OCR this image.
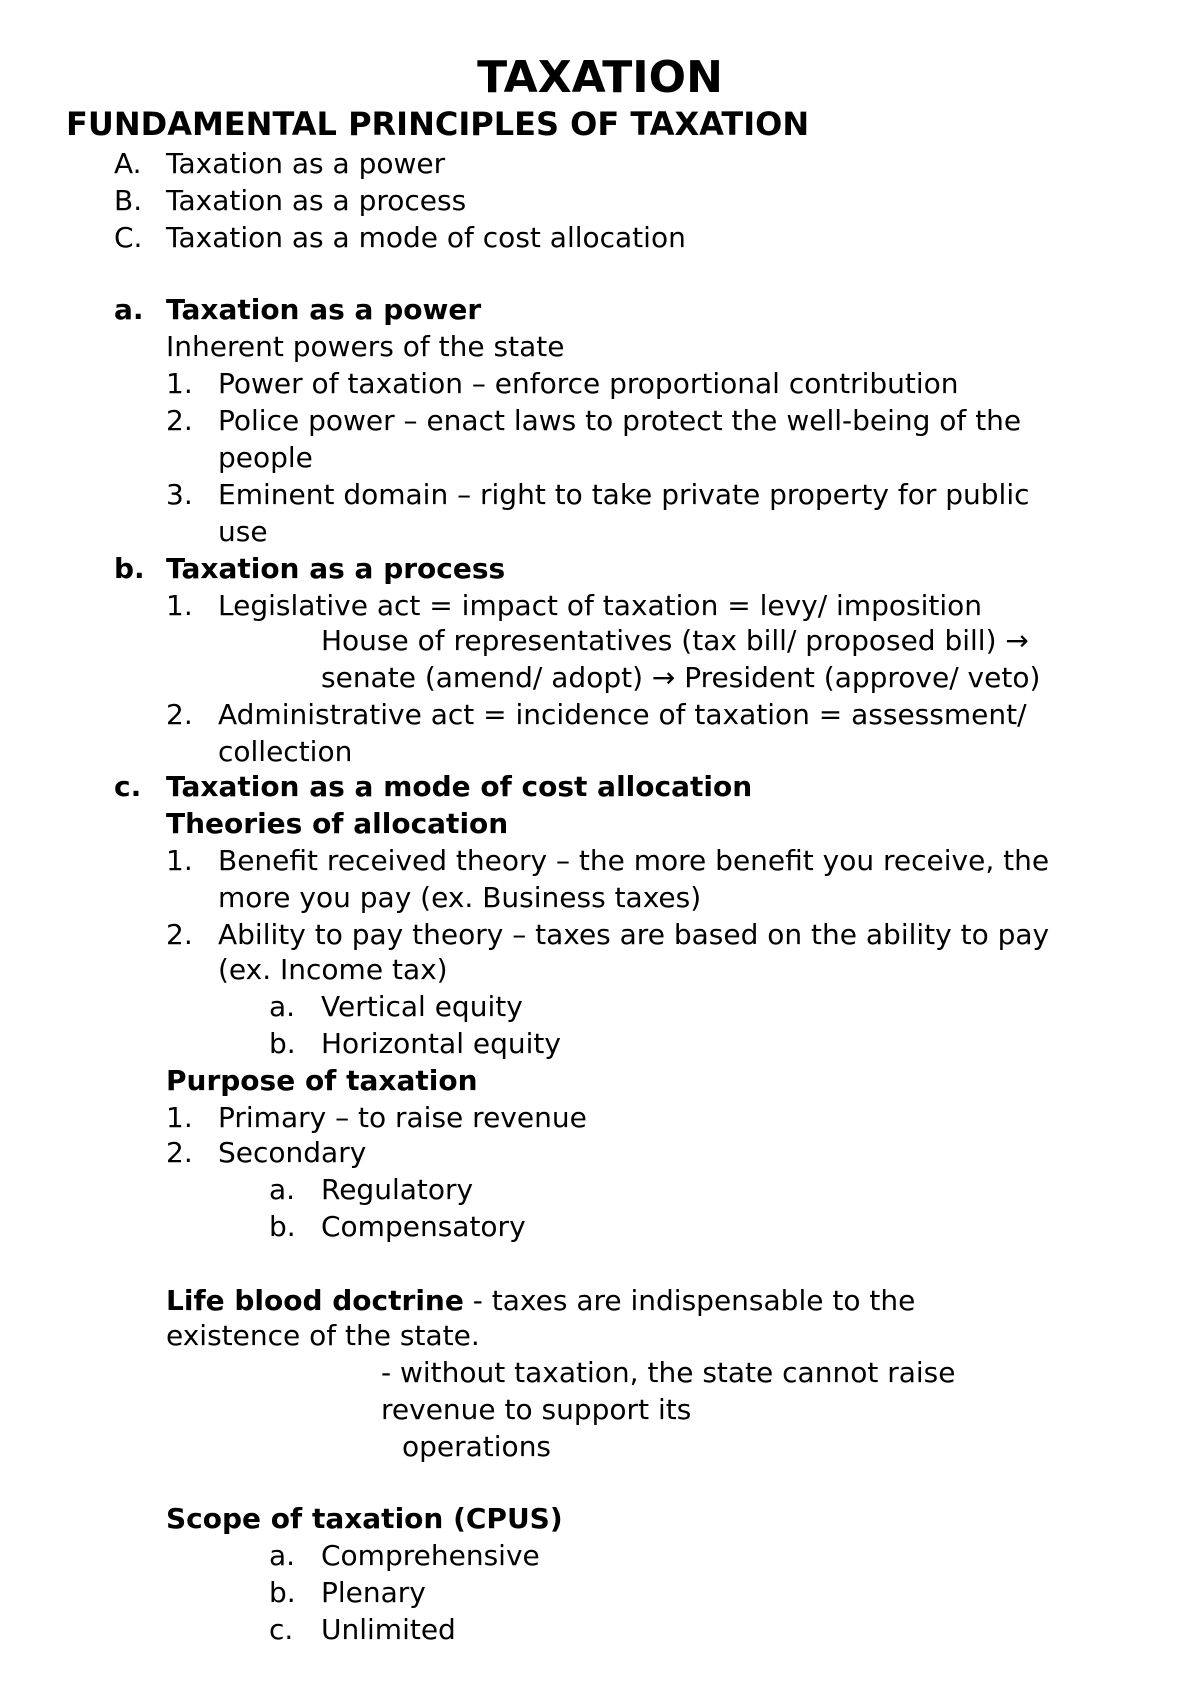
TAXATION
FUNDAMENTAL PRINCIPLES OF TAXATION
A. Taxation as a power
B. Taxation as a process
C. Taxation as a mode of cost allocation
a. Taxation as a power
Inherent powers of the state
1. Power of taxation – enforce proportional contribution
2. Police power – enact laws to protect the well-being of the
people
3. Eminent domain – right to take private property for public
use
b. Taxation as a process
1. Legislative act = impact of taxation = levy/ imposition
House of representatives (tax bill/ proposed bill) →
senate (amend/ adopt) → President (approve/ veto)
2. Administrative act = incidence of taxation = assessment/
collection
c. Taxation as a mode of cost allocation
Theories of allocation
1. Benefit received theory – the more benefit you receive, the
more you pay (ex. Business taxes)
2. Ability to pay theory – taxes are based on the ability to pay
(ex. Income tax)
a. Vertical equity
b. Horizontal equity
Purpose of taxation
1. Primary – to raise revenue
2. Secondary
a. Regulatory
b. Compensatory
Life blood doctrine - taxes are indispensable to the
existence of the state.
- without taxation, the state cannot raise
revenue to support its
operations
Scope of taxation (CPUS)
a. Comprehensive
b. Plenary
c. Unlimited
